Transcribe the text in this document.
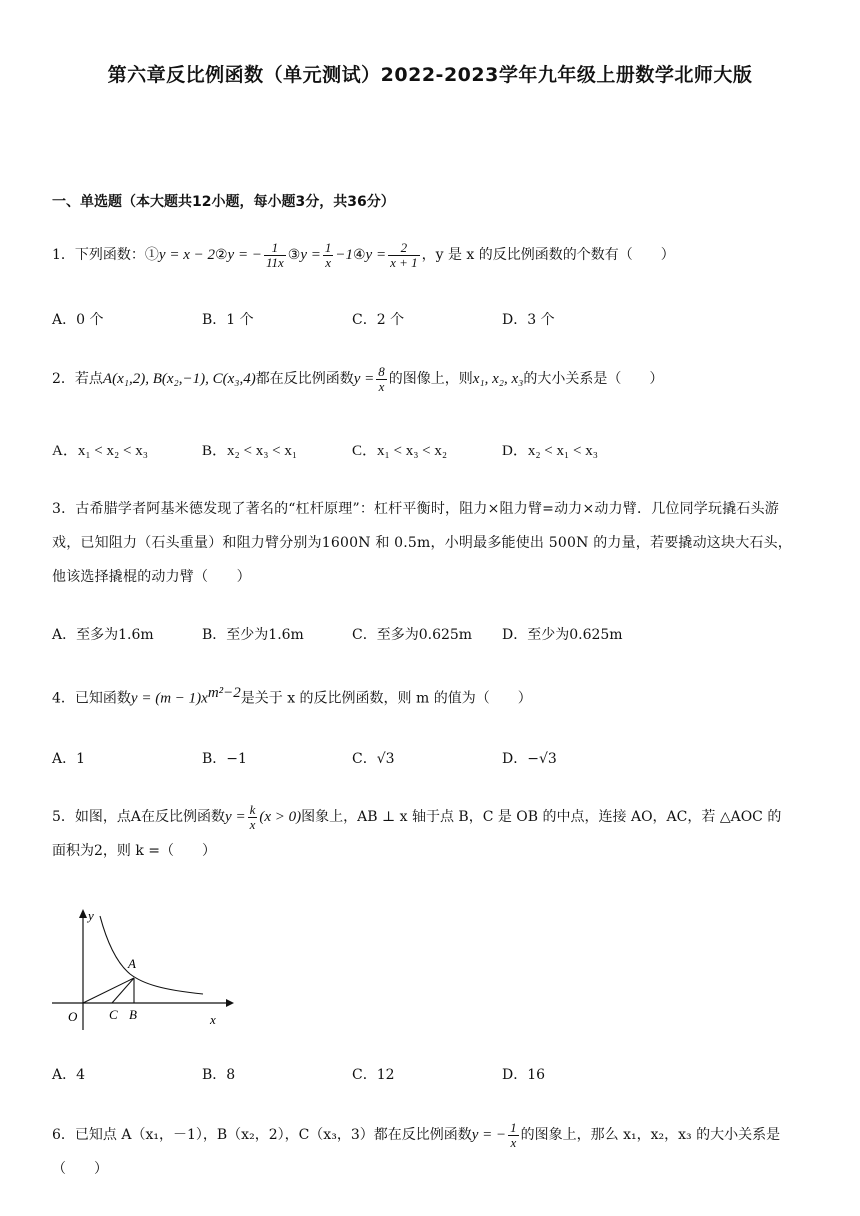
第六章反比例函数（单元测试）2022-2023学年九年级上册数学北师大版
一、单选题（本大题共12小题，每小题3分，共36分）
1．下列函数：①y = x − 2②y = − $\frac{1}{11x}$ ③y = $\frac{1}{x}$ −1④y = $\frac{2}{x + 1}$ ，y 是 x 的反比例函数的个数有（　　）
A．0 个	B．1 个	C．2 个	D．3 个
2．若点A(x₁,2), B(x₂,−1), C(x₃,4)都在反比例函数$y = \frac{8}{x}$ 的图像上，则x₁, x₂, x₃的大小关系是（　　）
A．x₁ < x₂ < x₃	B．x₂ < x₃ < x₁	C．x₁ < x₃ < x₂	D．x₂ < x₁ < x₃
3．古希腊学者阿基米德发现了著名的“杠杆原理”：杠杆平衡时，阻力×阻力臂=动力×动力臂．几位同学玩撬石头游
戏，已知阻力（石头重量）和阻力臂分别为1600N 和 0.5m，小明最多能使出 500N 的力量，若要撬动这块大石头，
他该选择撬棍的动力臂（　　）
A．至多为1.6m	B．至少为1.6m	C．至多为0.625m D．至少为0.625m
4．已知函数$y = (m - 1)x^{m^2-2}$是关于 x 的反比例函数，则 m 的值为（　　）
A．1	B．−1	C．√3	D．−√3
5．如图，点A在反比例函数$y = \frac{k}{x} (x > 0)$图象上，AB ⊥ x 轴于点 B，C 是 OB 的中点，连接 AO，AC，若 △AOC 的
面积为2，则 k =（　　）
y
x
O
A
B
C
A．4	B．8	C．12	D．16
6．已知点 A（x₁，－1），B（x₂，2），C（x₃，3）都在反比例函数y = − $\frac{1}{x}$ 的图象上，那么 x₁，x₂，x₃ 的大小关系是（　　）
